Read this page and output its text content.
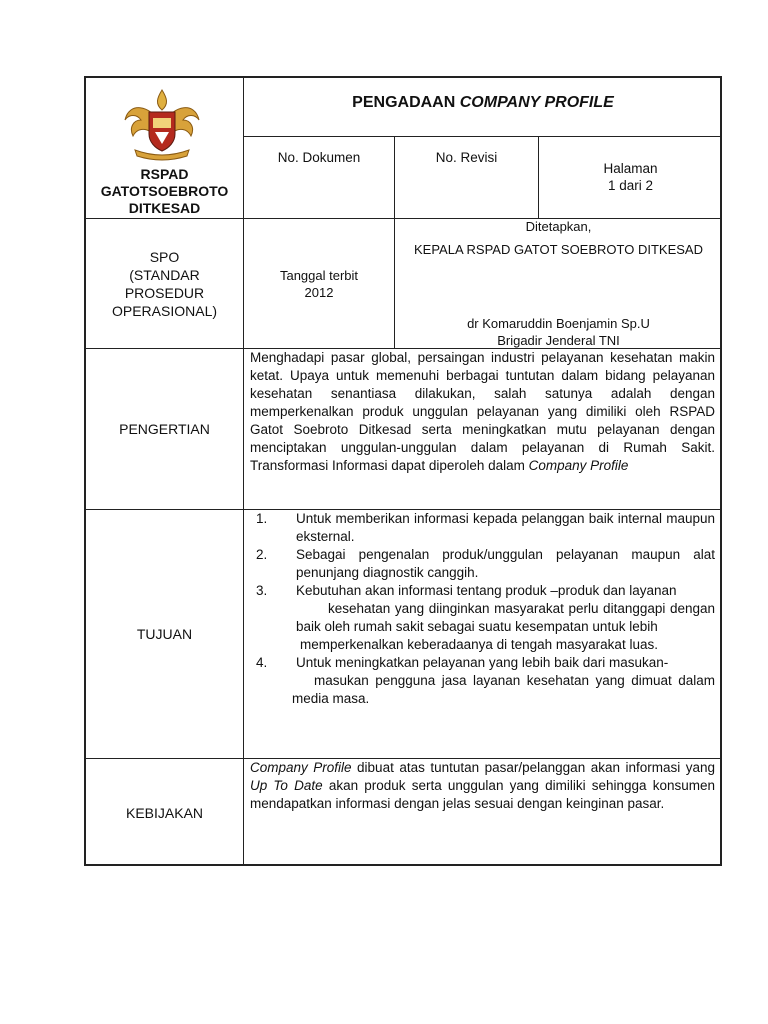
RSPAD
GATOTSOEBROTO
DITKESAD
PENGADAAN COMPANY PROFILE
No. Dokumen	No. Revisi
Halaman
1 dari 2
SPO
(STANDAR
PROSEDUR
OPERASIONAL)
Tanggal terbit
2012
Ditetapkan,
KEPALA RSPAD GATOT SOEBROTO DITKESAD
dr Komaruddin Boenjamin Sp.U
Brigadir Jenderal TNI
PENGERTIAN
Menghadapi pasar global, persaingan industri pelayanan kesehatan makin ketat. Upaya untuk memenuhi berbagai tuntutan dalam bidang pelayanan kesehatan senantiasa dilakukan, salah satunya adalah dengan memperkenalkan produk unggulan pelayanan yang dimiliki oleh RSPAD Gatot Soebroto Ditkesad serta meningkatkan mutu pelayanan dengan menciptakan unggulan-unggulan dalam pelayanan di Rumah Sakit. Transformasi Informasi dapat diperoleh dalam Company Profile
TUJUAN
1. Untuk memberikan informasi kepada pelanggan baik internal maupun eksternal.
2. Sebagai pengenalan produk/unggulan pelayanan maupun alat penunjang diagnostik canggih.
3. Kebutuhan akan informasi tentang produk –produk dan layanan
kesehatan yang diinginkan masyarakat perlu ditanggapi dengan baik oleh rumah sakit sebagai suatu kesempatan untuk lebih
memperkenalkan keberadaanya di tengah masyarakat luas.
4. Untuk meningkatkan pelayanan yang lebih baik dari masukan-
masukan pengguna jasa layanan kesehatan yang dimuat dalam media masa.
KEBIJAKAN
Company Profile dibuat atas tuntutan pasar/pelanggan akan informasi yang Up To Date akan produk serta unggulan yang dimiliki sehingga konsumen mendapatkan informasi dengan jelas sesuai dengan keinginan pasar.
